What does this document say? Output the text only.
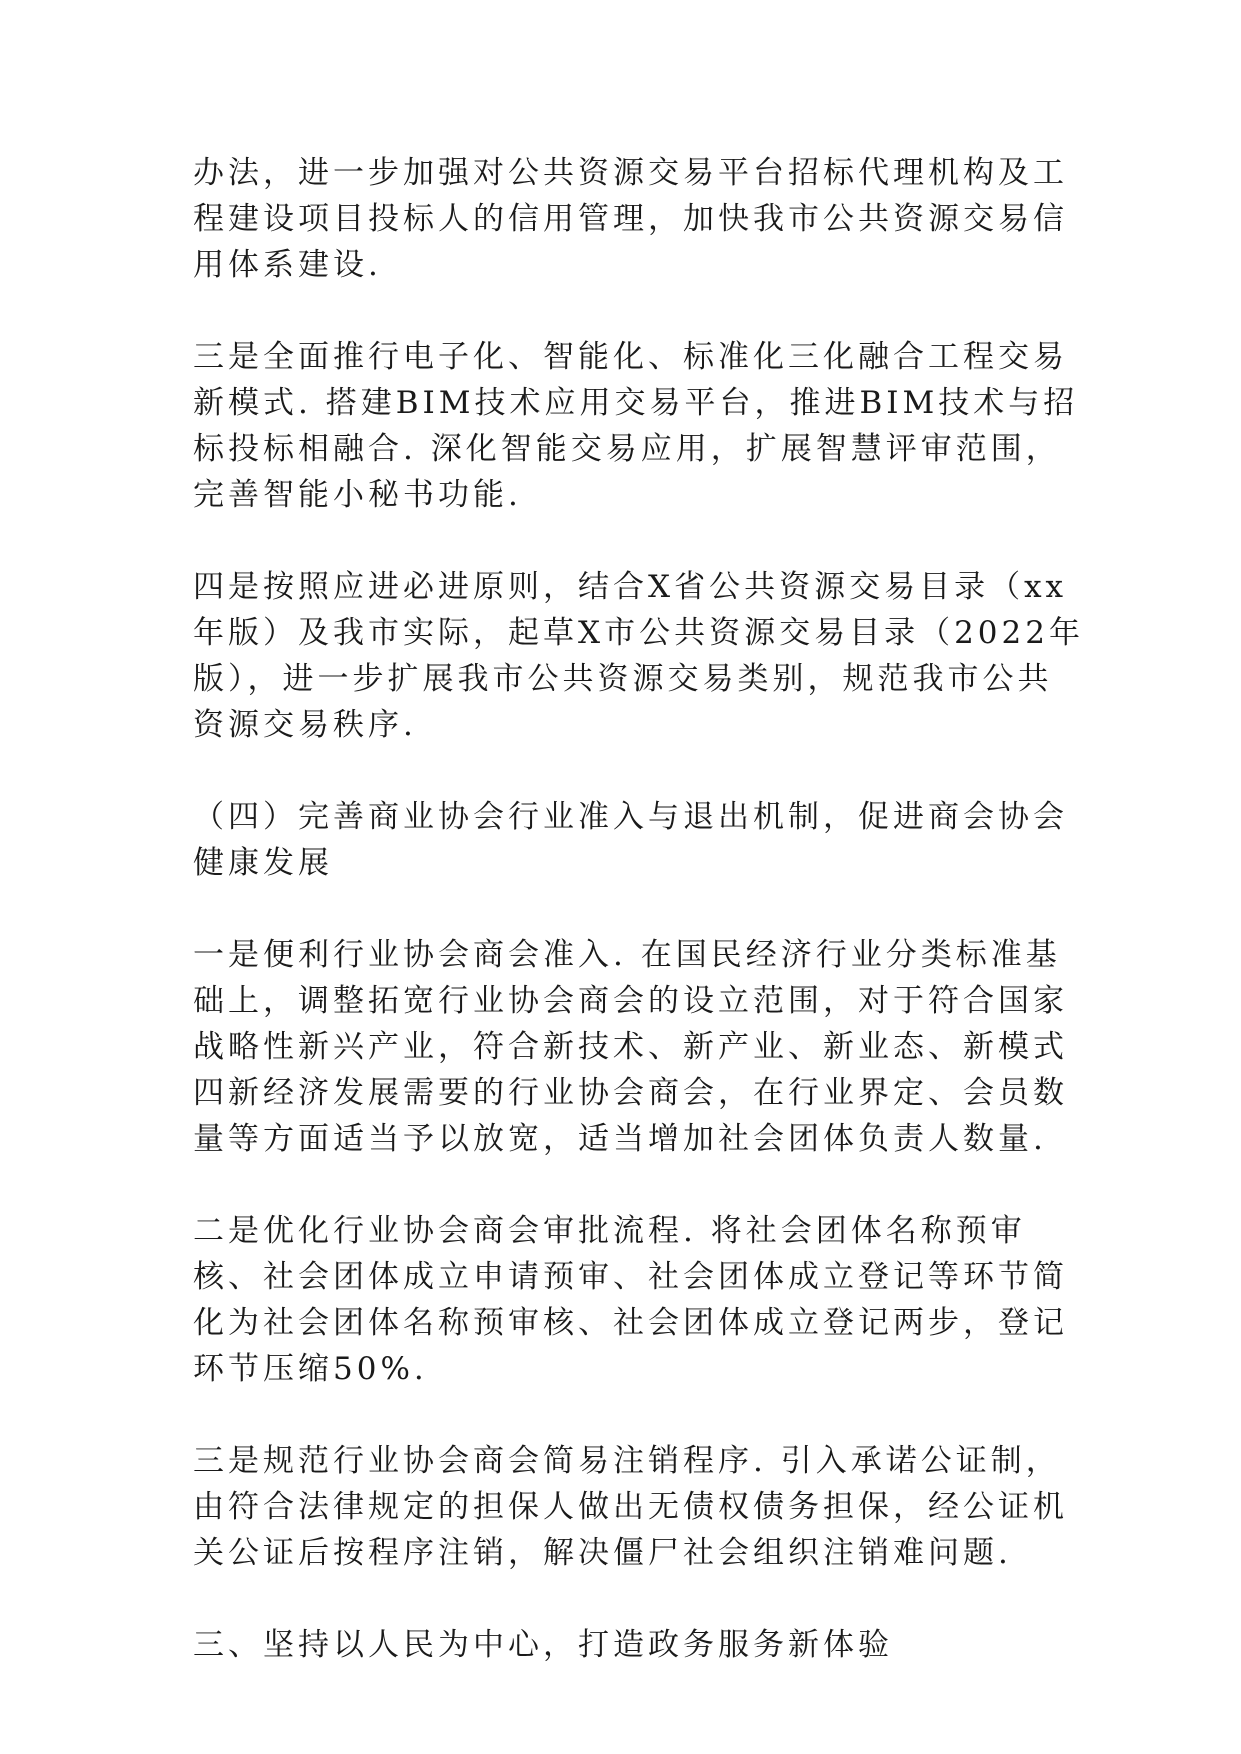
办法，进一步加强对公共资源交易平台招标代理机构及工
程建设项目投标人的信用管理，加快我市公共资源交易信
用体系建设.

三是全面推行电子化、智能化、标准化三化融合工程交易
新模式. 搭建BIM技术应用交易平台，推进BIM技术与招
标投标相融合. 深化智能交易应用，扩展智慧评审范围，
完善智能小秘书功能.

四是按照应进必进原则，结合X省公共资源交易目录（xx
年版）及我市实际，起草X市公共资源交易目录（2022年
版），进一步扩展我市公共资源交易类别，规范我市公共
资源交易秩序.

（四）完善商业协会行业准入与退出机制，促进商会协会
健康发展

一是便利行业协会商会准入. 在国民经济行业分类标准基
础上，调整拓宽行业协会商会的设立范围，对于符合国家
战略性新兴产业，符合新技术、新产业、新业态、新模式
四新经济发展需要的行业协会商会，在行业界定、会员数
量等方面适当予以放宽，适当增加社会团体负责人数量.

二是优化行业协会商会审批流程. 将社会团体名称预审
核、社会团体成立申请预审、社会团体成立登记等环节简
化为社会团体名称预审核、社会团体成立登记两步，登记
环节压缩50%.

三是规范行业协会商会简易注销程序. 引入承诺公证制，
由符合法律规定的担保人做出无债权债务担保，经公证机
关公证后按程序注销，解决僵尸社会组织注销难问题.

三、坚持以人民为中心，打造政务服务新体验
